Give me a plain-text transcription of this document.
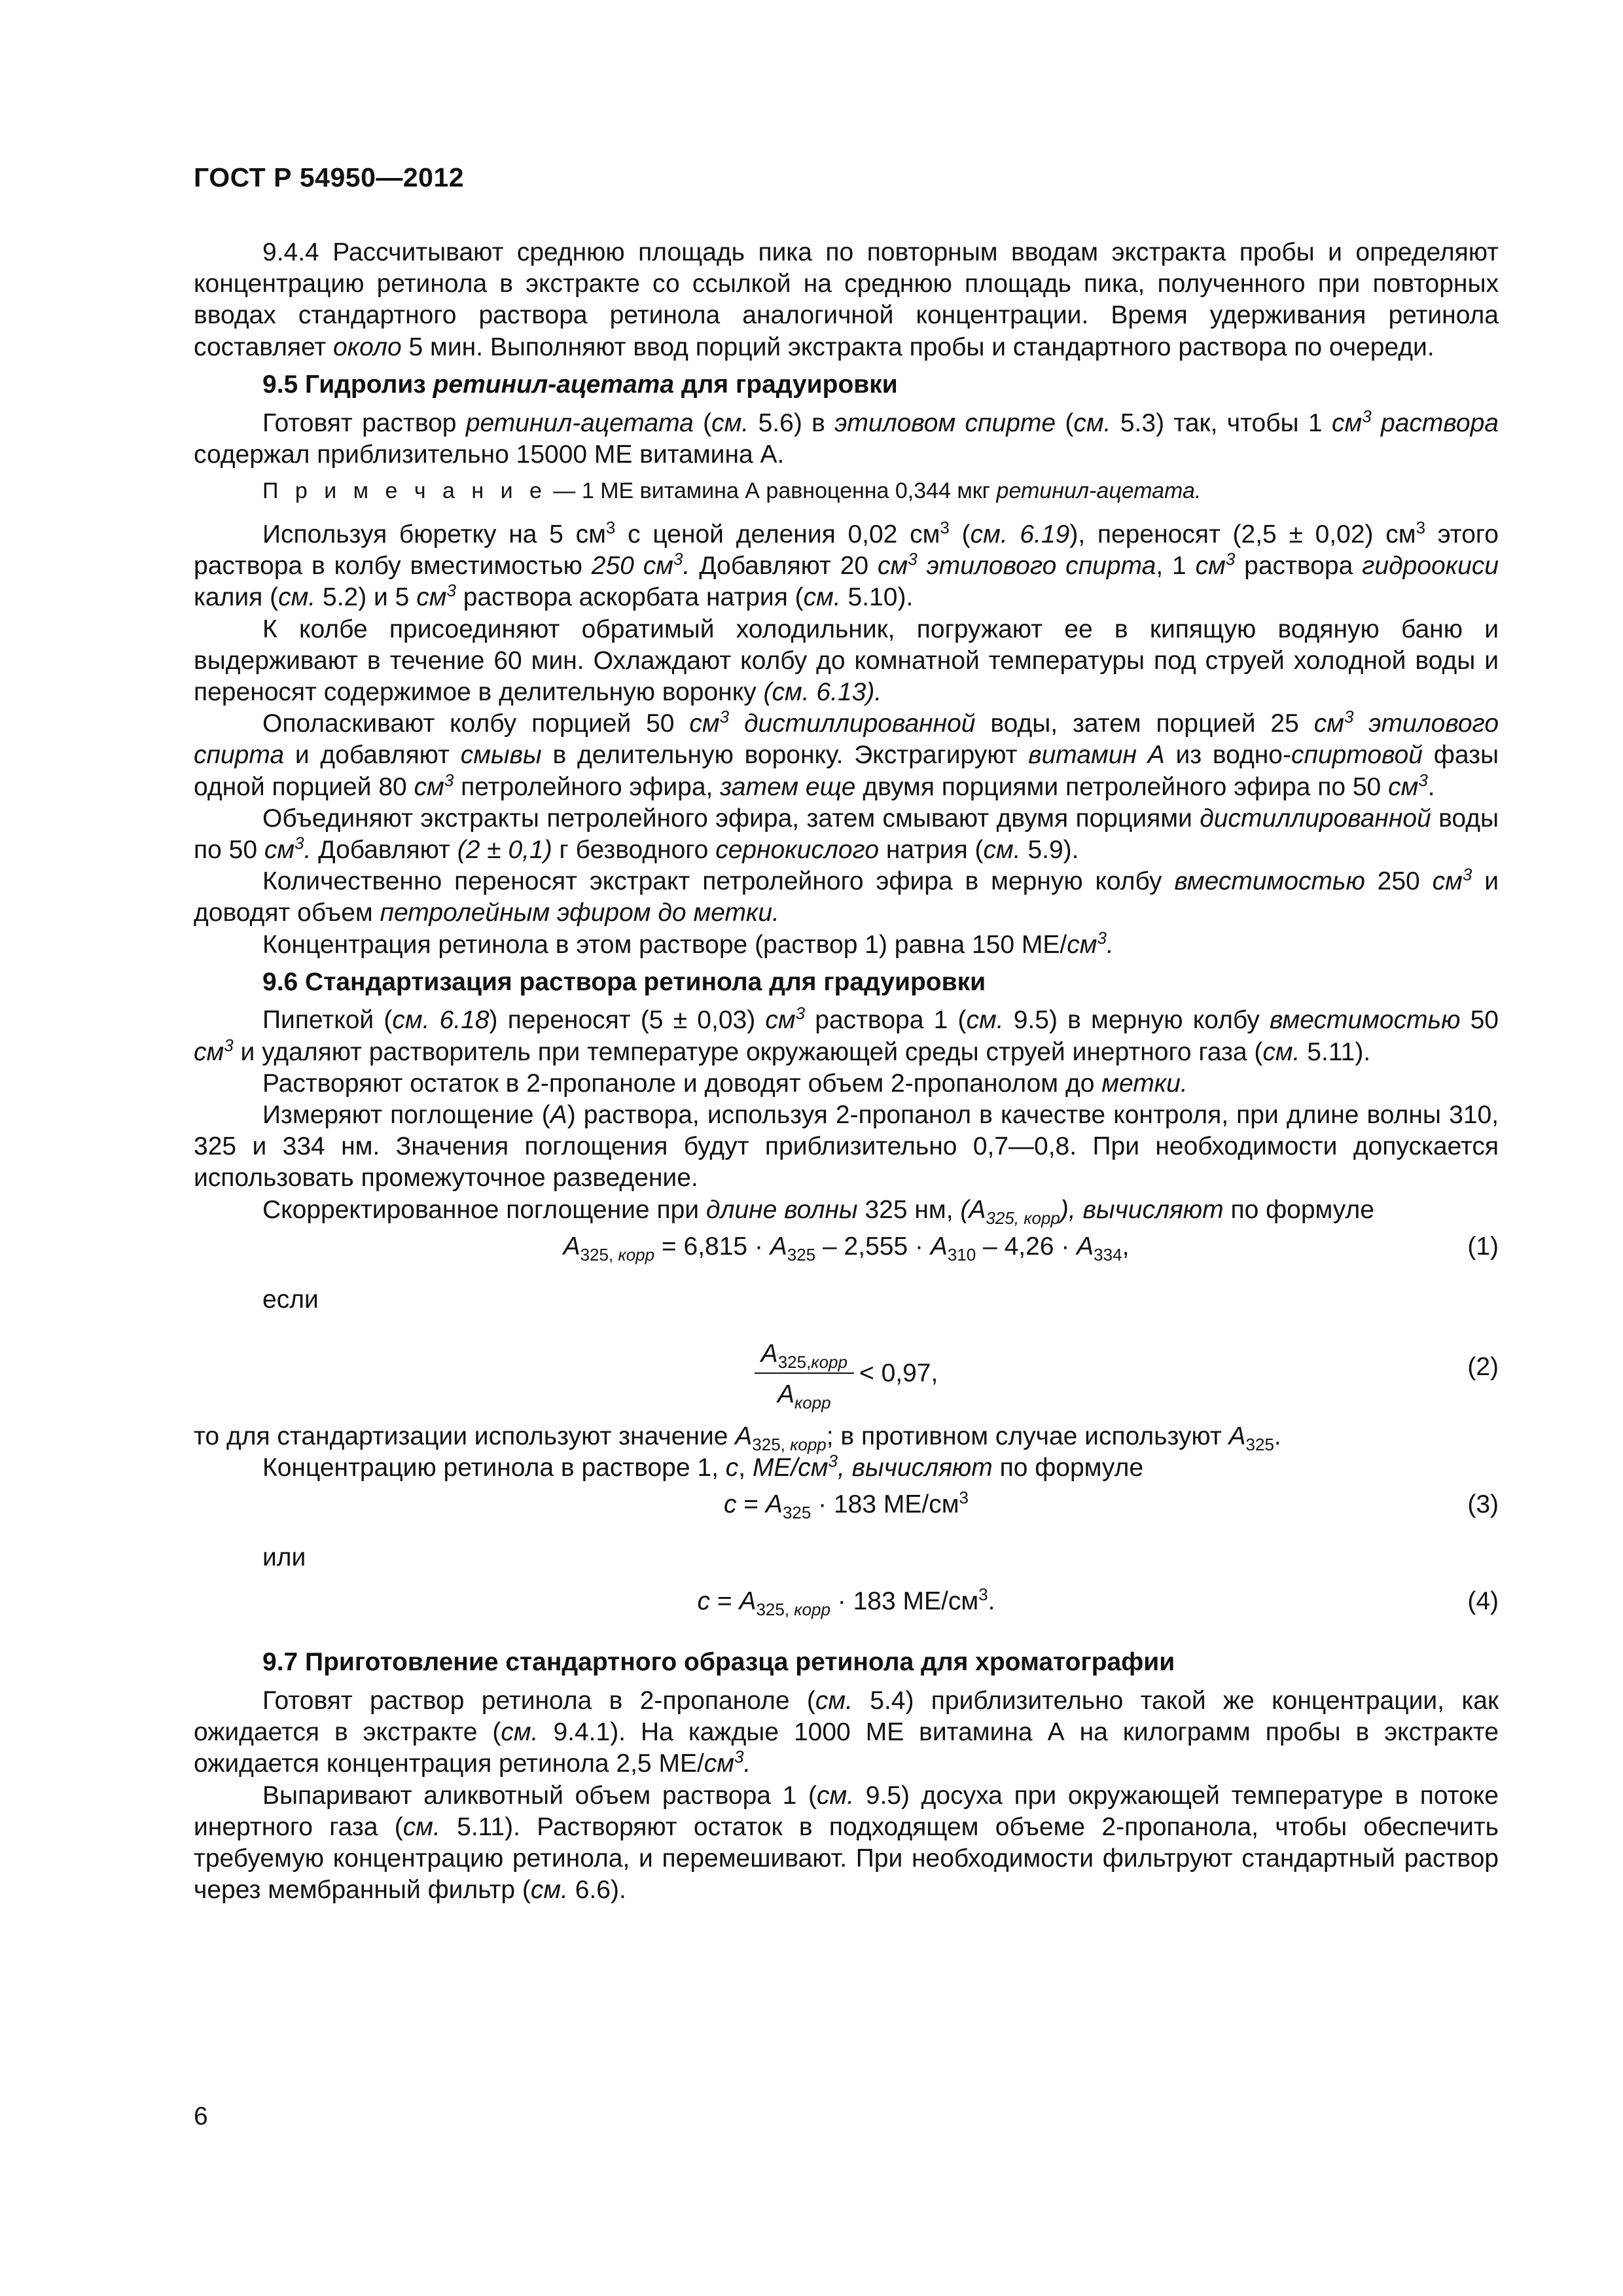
ГОСТ Р 54950—2012

9.4.4 Рассчитывают среднюю площадь пика по повторным вводам экстракта пробы и определяют концентрацию ретинола в экстракте со ссылкой на среднюю площадь пика, полученного при повторных вводах стандартного раствора ретинола аналогичной концентрации. Время удерживания ретинола составляет около 5 мин. Выполняют ввод порций экстракта пробы и стандартного раствора по очереди.

9.5 Гидролиз ретинил-ацетата для градуировки

Готовят раствор ретинил-ацетата (см. 5.6) в этиловом спирте (см. 5.3) так, чтобы 1 $см^3$ раствора содержал приблизительно 15000 МЕ витамина А.

П р и м е ч а н и е — 1 МЕ витамина А равноценна 0,344 мкг ретинил-ацетата.

Используя бюретку на 5 $см^3$ с ценой деления 0,02 $см^3$ (см. 6.19), переносят (2,5 ± 0,02) $см^3$ этого раствора в колбу вместимостью 250 $см^3$. Добавляют 20 $см^3$ этилового спирта, 1 $см^3$ раствора гидроокиси калия (см. 5.2) и 5 $см^3$ раствора аскорбата натрия (см. 5.10).

К колбе присоединяют обратимый холодильник, погружают ее в кипящую водяную баню и выдерживают в течение 60 мин. Охлаждают колбу до комнатной температуры под струей холодной воды и переносят содержимое в делительную воронку (см. 6.13).

Ополаскивают колбу порцией 50 $см^3$ дистиллированной воды, затем порцией 25 $см^3$ этилового спирта и добавляют смывы в делительную воронку. Экстрагируют витамин А из водно-спиртовой фазы одной порцией 80 $см^3$ петролейного эфира, затем еще двумя порциями петролейного эфира по 50 $см^3$.

Объединяют экстракты петролейного эфира, затем смывают двумя порциями дистиллированной воды по 50 $см^3$. Добавляют (2 ± 0,1) г безводного сернокислого натрия (см. 5.9).

Количественно переносят экстракт петролейного эфира в мерную колбу вместимостью 250 $см^3$ и доводят объем петролейным эфиром до метки.

Концентрация ретинола в этом растворе (раствор 1) равна 150 $МЕ/см^3$.

9.6 Стандартизация раствора ретинола для градуировки

Пипеткой (см. 6.18) переносят (5 ± 0,03) $см^3$ раствора 1 (см. 9.5) в мерную колбу вместимостью 50 $см^3$ и удаляют растворитель при температуре окружающей среды струей инертного газа (см. 5.11).

Растворяют остаток в 2-пропаноле и доводят объем 2-пропанолом до метки.

Измеряют поглощение (А) раствора, используя 2-пропанол в качестве контроля, при длине волны 310, 325 и 334 нм. Значения поглощения будут приблизительно 0,7—0,8. При необходимости допускается использовать промежуточное разведение.

Скорректированное поглощение при длине волны 325 нм, $(А_{325, корр})$, вычисляют по формуле

$А_{325, корр} = 6,815 \cdot А_{325} - 2,555 \cdot А_{310} - 4,26 \cdot А_{334}$,	(1)
если
$\frac{А_{325,корр}}{А_{корр}} < 0,97$,	(2)

то для стандартизации используют значение $А_{325, корр}$; в противном случае используют $А_{325}$.

Концентрацию ретинола в растворе 1, с, $МЕ/см^3$, вычисляют по формуле

$с = А_{325} \cdot 183$ $МЕ/см^3$	(3)
или
$с = А_{325, корр} \cdot 183$ $МЕ/см^3$.	(4)
9.7 Приготовление стандартного образца ретинола для хроматографии

Готовят раствор ретинола в 2-пропаноле (см. 5.4) приблизительно такой же концентрации, как ожидается в экстракте (см. 9.4.1). На каждые 1000 МЕ витамина А на килограмм пробы в экстракте ожидается концентрация ретинола 2,5 $МЕ/см^3$.

Выпаривают аликвотный объем раствора 1 (см. 9.5) досуха при окружающей температуре в потоке инертного газа (см. 5.11). Растворяют остаток в подходящем объеме 2-пропанола, чтобы обеспечить требуемую концентрацию ретинола, и перемешивают. При необходимости фильтруют стандартный раствор через мембранный фильтр (см. 6.6).

6
